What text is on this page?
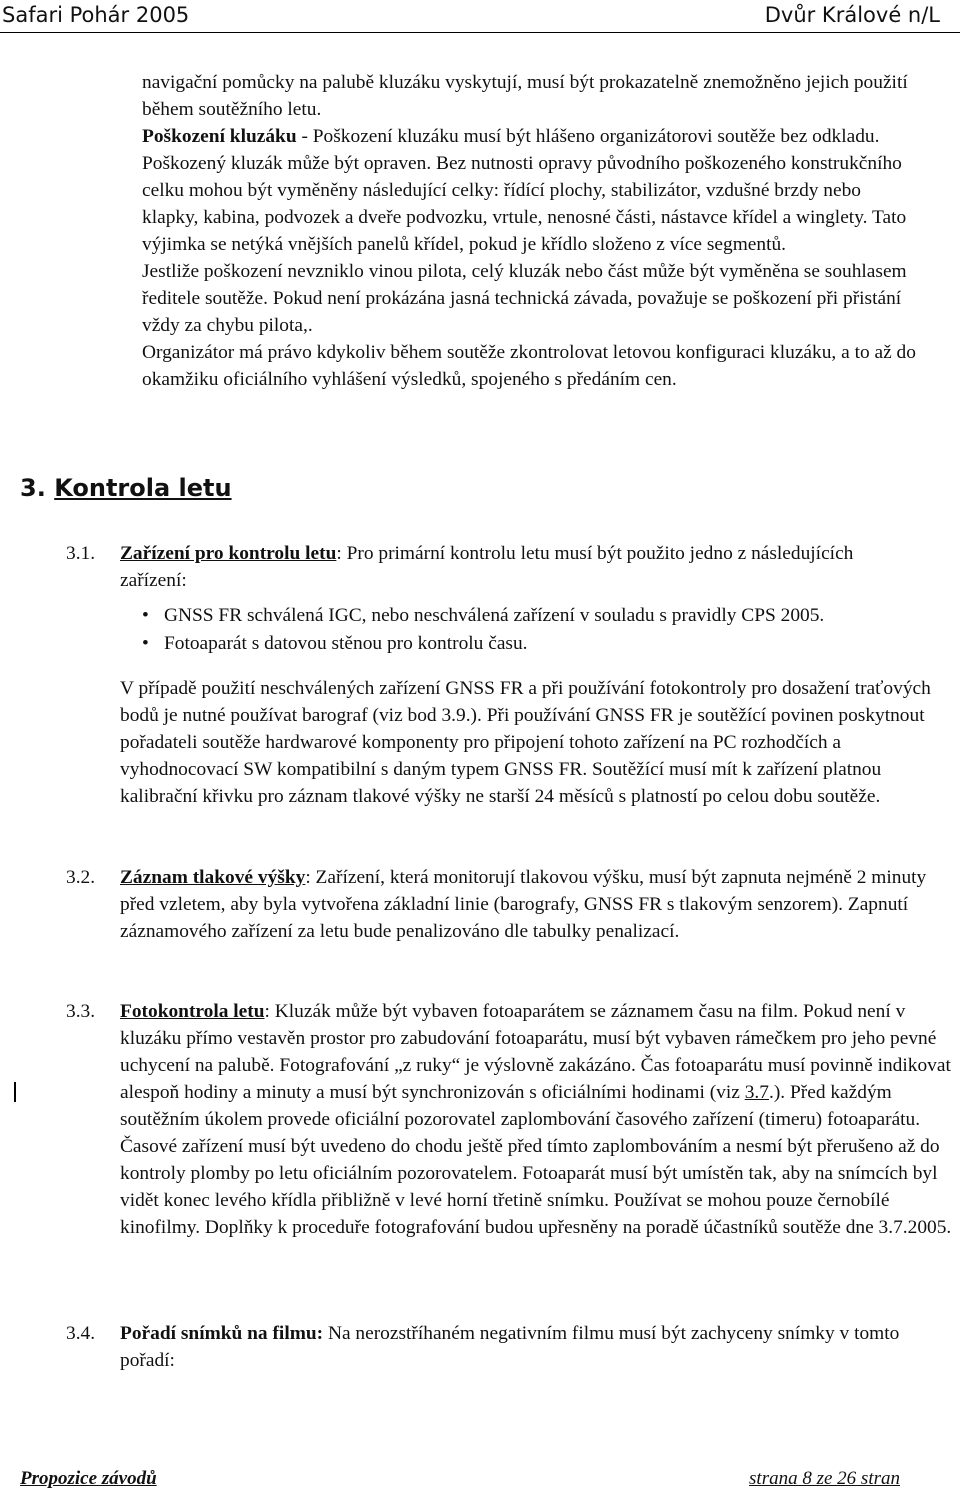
Safari Pohár 2005	Dvůr Králové n/L

navigační pomůcky na palubě kluzáku vyskytují, musí být prokazatelně znemožněno jejich použití během soutěžního letu.
Poškození kluzáku - Poškození kluzáku musí být hlášeno organizátorovi soutěže bez odkladu. Poškozený kluzák může být opraven. Bez nutnosti opravy původního poškozeného konstrukčního celku mohou být vyměněny následující celky: řídící plochy, stabilizátor, vzdušné brzdy nebo klapky, kabina, podvozek a dveře podvozku, vrtule, nenosné části, nástavce křídel a winglety. Tato výjimka se netýká vnějších panelů křídel, pokud je křídlo složeno z více segmentů.
Jestliže poškození nevzniklo vinou pilota, celý kluzák nebo část může být vyměněna se souhlasem ředitele soutěže. Pokud není prokázána jasná technická závada, považuje se poškození při přistání vždy za chybu pilota,.
Organizátor má právo kdykoliv během soutěže zkontrolovat letovou konfiguraci kluzáku, a to až do okamžiku oficiálního vyhlášení výsledků, spojeného s předáním cen.

3. Kontrola letu
3.1. Zařízení pro kontrolu letu: Pro primární kontrolu letu musí být použito jedno z následujících zařízení:

• GNSS FR schválená IGC, nebo neschválená zařízení v souladu s pravidly CPS 2005.
• Fotoaparát s datovou stěnou pro kontrolu času.

V případě použití neschválených zařízení GNSS FR a při používání fotokontroly pro dosažení traťových bodů je nutné používat barograf (viz bod 3.9.). Při používání GNSS FR je soutěžící povinen poskytnout pořadateli soutěže hardwarové komponenty pro připojení tohoto zařízení na PC rozhodčích a vyhodnocovací SW kompatibilní s daným typem GNSS FR. Soutěžící musí mít k zařízení platnou kalibrační křivku pro záznam tlakové výšky ne starší 24 měsíců s platností po celou dobu soutěže.

3.2. Záznam tlakové výšky: Zařízení, která monitorují tlakovou výšku, musí být zapnuta nejméně 2 minuty před vzletem, aby byla vytvořena základní linie (barografy, GNSS FR s tlakovým senzorem). Zapnutí záznamového zařízení za letu bude penalizováno dle tabulky penalizací.

3.3. Fotokontrola letu: Kluzák může být vybaven fotoaparátem se záznamem času na film. Pokud není v kluzáku přímo vestavěn prostor pro zabudování fotoaparátu, musí být vybaven rámečkem pro jeho pevné uchycení na palubě. Fotografování „z ruky“ je výslovně zakázáno. Čas fotoaparátu musí povinně indikovat alespoň hodiny a minuty a musí být synchronizován s oficiálními hodinami (viz 3.7.). Před každým soutěžním úkolem provede oficiální pozorovatel zaplombování časového zařízení (timeru) fotoaparátu. Časové zařízení musí být uvedeno do chodu ještě před tímto zaplombováním a nesmí být přerušeno až do kontroly plomby po letu oficiálním pozorovatelem. Fotoaparát musí být umístěn tak, aby na snímcích byl vidět konec levého křídla přibližně v levé horní třetině snímku. Používat se mohou pouze černobílé kinofilmy. Doplňky k proceduře fotografování budou upřesněny na poradě účastníků soutěže dne 3.7.2005.

3.4. Pořadí snímků na filmu: Na nerozstříhaném negativním filmu musí být zachyceny snímky v tomto pořadí:

Propozice závodů	strana 8 ze 26 stran
